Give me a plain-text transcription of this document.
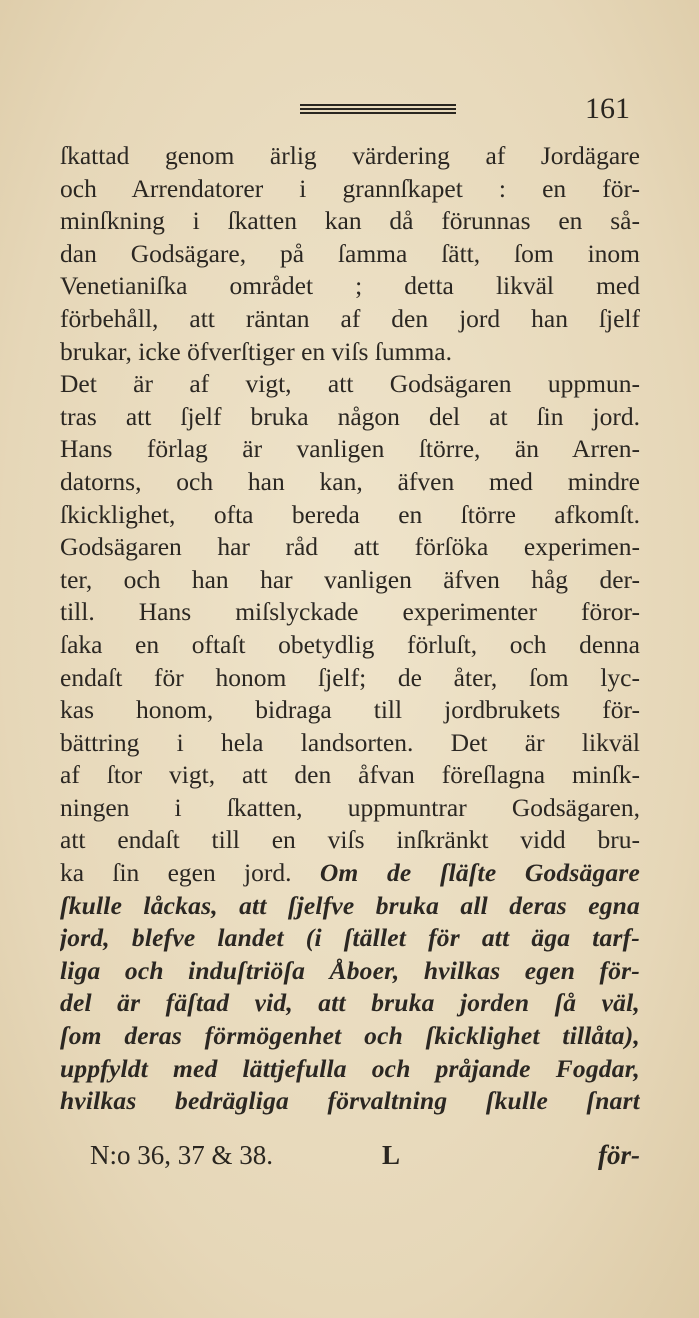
161
ſkattad genom ärlig värdering af Jordägare
och Arrendatorer i grannſkapet : en för-
minſkning i ſkatten kan då förunnas en så-
dan Godsägare, på ſamma ſätt, ſom inom
Venetianiſka området ; detta likväl med
förbehåll, att räntan af den jord han ſjelf
brukar, icke öfverſtiger en viſs ſumma.
Det är af vigt, att Godsägaren uppmun-
tras att ſjelf bruka någon del at ſin jord.
Hans förlag är vanligen ſtörre, än Arren-
datorns, och han kan, äfven med mindre
ſkicklighet, ofta bereda en ſtörre afkomſt.
Godsägaren har råd att förſöka experimen-
ter, och han har vanligen äfven håg der-
till. Hans miſslyckade experimenter föror-
ſaka en oftaſt obetydlig förluſt, och denna
endaſt för honom ſjelf; de åter, ſom lyc-
kas honom, bidraga till jordbrukets för-
bättring i hela landsorten. Det är likväl
af ſtor vigt, att den åfvan föreſlagna minſk-
ningen i ſkatten, uppmuntrar Godsägaren,
att endaſt till en viſs inſkränkt vidd bru-
ka ſin egen jord. Om de ſläſte Godsägare
ſkulle låckas, att ſjelfve bruka all deras egna
jord, blefve landet (i ſtället för att äga tarf-
liga och induſtriöſa Åboer, hvilkas egen för-
del är fäſtad vid, att bruka jorden ſå väl,
ſom deras förmögenhet och ſkicklighet tillåta),
uppfyldt med lättjefulla och pråjande Fogdar,
hvilkas bedrägliga förvaltning ſkulle ſnart
N:o 36, 37 & 38.	L	för-
